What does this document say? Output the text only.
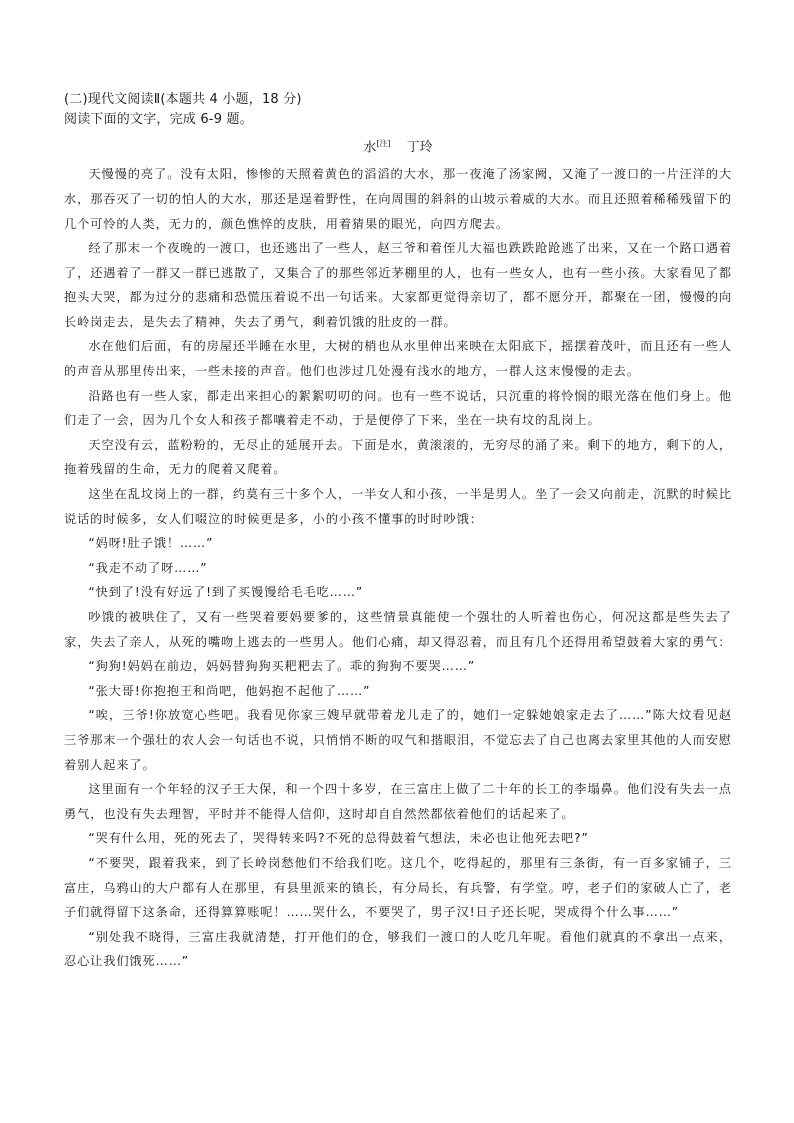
(二)现代文阅读Ⅱ(本题共 4 小题，18 分)

阅读下面的文字，完成 6-9 题。

水[注] 丁玲

天慢慢的亮了。没有太阳，惨惨的天照着黄色的滔滔的大水，那一夜淹了汤家阙，又淹了一渡口的一片汪洋的大水，那吞灭了一切的怕人的大水，那还是逞着野性，在向周围的斜斜的山坡示着威的大水。而且还照着稀稀残留下的几个可怜的人类，无力的，颜色憔悴的皮肤，用着猜果的眼光，向四方爬去。

经了那末一个夜晚的一渡口，也还逃出了一些人，赵三爷和着侄儿大福也跌跌跄跄逃了出来，又在一个路口遇着了，还遇着了一群又一群已逃散了，又集合了的那些邻近茅棚里的人，也有一些女人，也有一些小孩。大家看见了都抱头大哭，都为过分的悲痛和恐慌压着说不出一句话来。大家都更觉得亲切了，都不愿分开，都聚在一团，慢慢的向长岭岗走去，是失去了精神，失去了勇气，剩着饥饿的肚皮的一群。

水在他们后面，有的房屋还半睡在水里，大树的梢也从水里伸出来映在太阳底下，摇摆着茂叶，而且还有一些人的声音从那里传出来，一些未接的声音。他们也涉过几处漫有浅水的地方，一群人这末慢慢的走去。

沿路也有一些人家，都走出来担心的絮絮叨叨的问。也有一些不说话，只沉重的将怜悯的眼光落在他们身上。他们走了一会，因为几个女人和孩子都嚷着走不动，于是便停了下来，坐在一块有坟的乱岗上。

天空没有云，蓝粉粉的，无尽止的延展开去。下面是水，黄滚滚的，无穷尽的涌了来。剩下的地方，剩下的人，拖着残留的生命，无力的爬着又爬着。

这坐在乱坟岗上的一群，约莫有三十多个人，一半女人和小孩，一半是男人。坐了一会又向前走，沉默的时候比说话的时候多，女人们啜泣的时候更是多，小的小孩不懂事的时时吵饿：

“妈呀!肚子饿！……”

“我走不动了呀……”

“快到了!没有好远了!到了买馒馒给毛毛吃……”

吵饿的被哄住了，又有一些哭着要妈要爹的，这些情景真能使一个强壮的人听着也伤心，何况这都是些失去了家，失去了亲人，从死的嘴吻上逃去的一些男人。他们心痛，却又得忍着，而且有几个还得用希望鼓着大家的勇气：

“狗狗!妈妈在前边，妈妈替狗狗买粑粑去了。乖的狗狗不要哭……”

“张大哥!你抱抱王和尚吧，他妈抱不起他了……”

“唉，三爷!你放宽心些吧。我看见你家三嫂早就带着龙儿走了的，她们一定躲她娘家走去了……”陈大炆看见赵三爷那末一个强壮的农人会一句话也不说，只悄悄不断的叹气和揩眼泪，不觉忘去了自己也离去家里其他的人而安慰着别人起来了。

这里面有一个年轻的汉子王大保，和一个四十多岁，在三富庄上做了二十年的长工的李塌鼻。他们没有失去一点勇气，也没有失去理智，平时并不能得人信仰，这时却自自然然都依着他们的话起来了。

“哭有什么用，死的死去了，哭得转来吗?不死的总得鼓着气想法，未必也让他死去吧?”

“不要哭，跟着我来，到了长岭岗愁他们不给我们吃。这几个，吃得起的，那里有三条街，有一百多家铺子，三富庄，乌鸦山的大户都有人在那里，有县里派来的镇长，有分局长，有兵警，有学堂。哼，老子们的家破人亡了，老子们就得留下这条命，还得算算账呢！……哭什么，不要哭了，男子汉!日子还长呢，哭成得个什么事……”

“别处我不晓得，三富庄我就清楚，打开他们的仓，够我们一渡口的人吃几年呢。看他们就真的不拿出一点来，忍心让我们饿死……”
